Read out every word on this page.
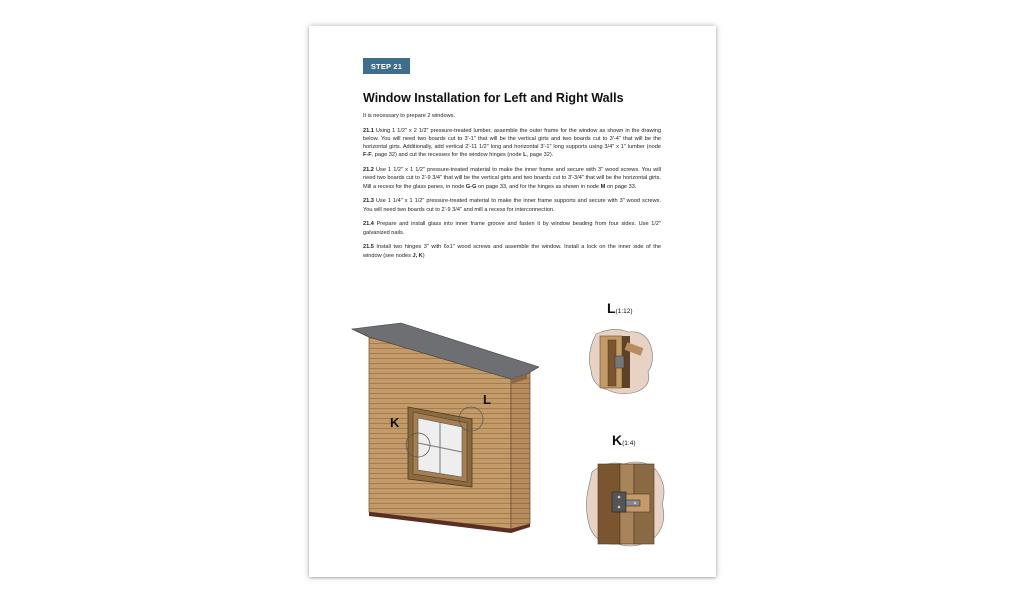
STEP 21
Window Installation for Left and Right Walls

It is necessary to prepare 2 windows.

21.1 Using 1 1/2" x 2 1/2" pressure-treated lumber, assemble the outer frame for the window as shown in the drawing below. You will need two boards cut to 3'-1" that will be the vertical girts and two boards cut to 3'-4" that will be the horizontal girts. Additionally, add vertical 2'-11 1/2" long and horizontal 3'-1" long supports using 3/4" x 1" lumber (node F-F, page 32) and cut the recesses for the window hinges (node L, page 32).

21.2 Use 1 1/2" x 1 1/2" pressure-treated material to make the inner frame and secure with 3" wood screws. You will need two boards cut to 2'-9 3/4" that will be the vertical girts and two boards cut to 3'-3/4" that will be the horizontal girts. Mill a recess for the glass panes, in node G-G on page 33, and for the hinges as shown in node M on page 33.

21.3 Use 1 1/4" x 1 1/2" pressure-treated material to make the inner frame supports and secure with 3" wood screws. You will need two boards cut to 2'-9 3/4" and mill a recess for interconnection.

21.4 Prepare and install glass into inner frame groove and fasten it by window beading from four sides. Use 1/2" galvanized nails.

21.5 Install two hinges 3" with 6x1" wood screws and assemble the window. Install a lock on the inner side of the window (see nodes J, K)

K
L
L(1:12)
K(1:4)
